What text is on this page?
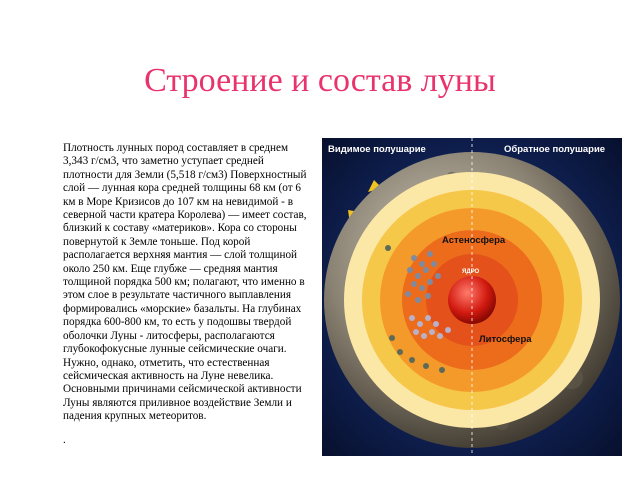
Строение и состав луны
Плотность лунных пород составляет в среднем 3,343 г/см3, что заметно уступает средней плотности для Земли (5,518 г/см3) Поверхностный слой — лунная кора средней толщины 68 км (от 6 км в Море Кризисов до 107 км на невидимой - в северной части кратера Королева) — имеет состав, близкий к составу «материков». Кора со стороны повернутой к Земле тоньше. Под корой располагается верхняя мантия — слой толщиной около 250 км. Еще глубже — средняя мантия толщиной порядка 500 км; полагают, что именно в этом слое в результате частичного выплавления формировались «морские» базальты. На глубинах порядка 600-800 км, то есть у подошвы твердой оболочки Луны - литосферы, располагаются глубокофокусные лунные сейсмические очаги. Нужно, однако, отметить, что естественная сейсмическая активность на Луне невелика. Основными причинами сейсмической активности Луны являются приливное воздействие Земли и падения крупных метеоритов.
.
Видимое полушарие	Обратное полушарие
Астеносфера
ЯДРО
Литосфера
